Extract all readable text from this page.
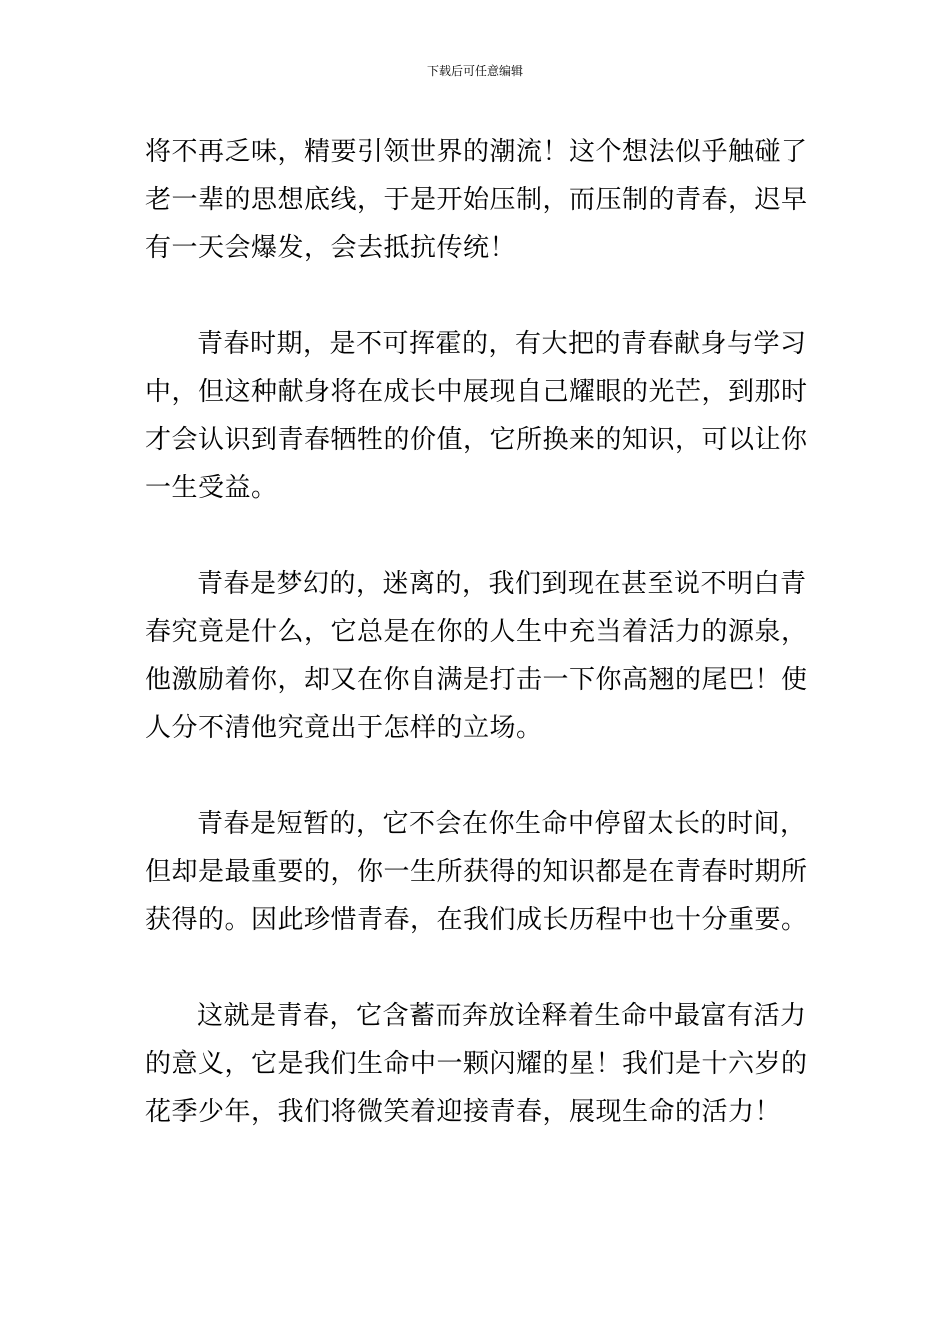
下载后可任意编辑

将不再乏味，精要引领世界的潮流！这个想法似乎触碰了
老一辈的思想底线，于是开始压制，而压制的青春，迟早
有一天会爆发，会去抵抗传统！

青春时期，是不可挥霍的，有大把的青春献身与学习
中，但这种献身将在成长中展现自己耀眼的光芒，到那时
才会认识到青春牺牲的价值，它所换来的知识，可以让你
一生受益。

青春是梦幻的，迷离的，我们到现在甚至说不明白青
春究竟是什么，它总是在你的人生中充当着活力的源泉，
他激励着你，却又在你自满是打击一下你高翘的尾巴！使
人分不清他究竟出于怎样的立场。

青春是短暂的，它不会在你生命中停留太长的时间，
但却是最重要的，你一生所获得的知识都是在青春时期所
获得的。因此珍惜青春，在我们成长历程中也十分重要。

这就是青春，它含蓄而奔放诠释着生命中最富有活力
的意义，它是我们生命中一颗闪耀的星！我们是十六岁的
花季少年，我们将微笑着迎接青春，展现生命的活力！
